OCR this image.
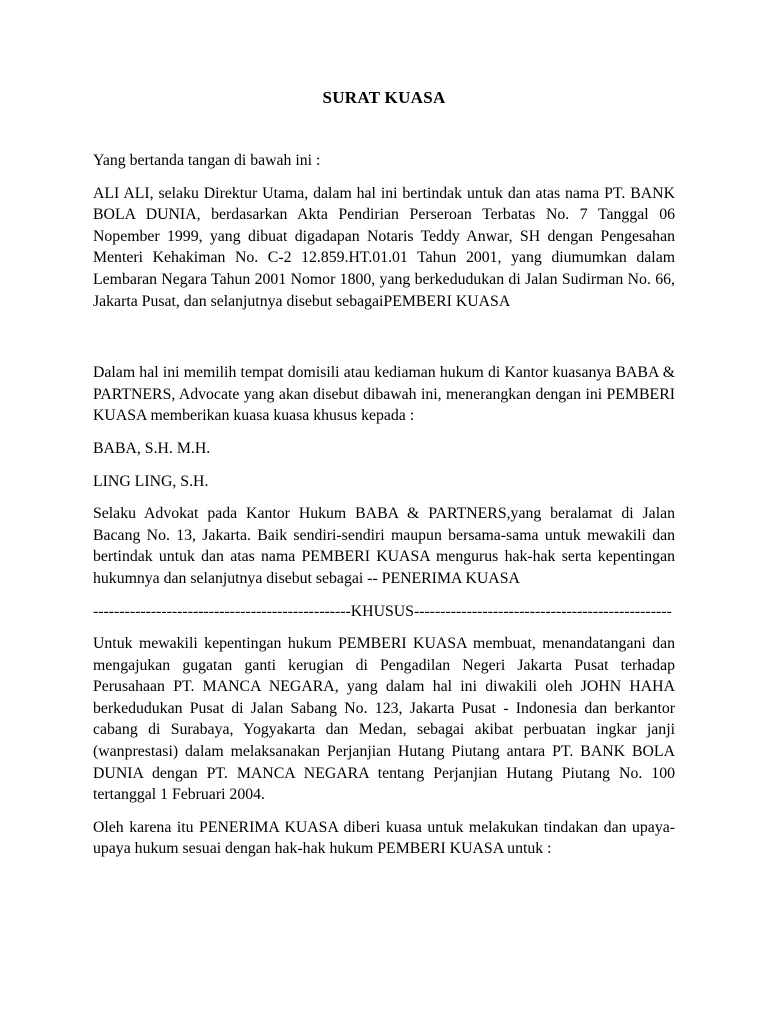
SURAT KUASA

Yang bertanda tangan di bawah ini :

ALI ALI, selaku Direktur Utama, dalam hal ini bertindak untuk dan atas nama PT. BANK BOLA DUNIA, berdasarkan Akta Pendirian Perseroan Terbatas No. 7 Tanggal 06 Nopember 1999, yang dibuat digadapan Notaris Teddy Anwar, SH dengan Pengesahan Menteri Kehakiman No. C-2 12.859.HT.01.01 Tahun 2001, yang diumumkan dalam Lembaran Negara Tahun 2001 Nomor 1800, yang berkedudukan di Jalan Sudirman No. 66, Jakarta Pusat, dan selanjutnya disebut sebagaiPEMBERI KUASA

Dalam hal ini memilih tempat domisili atau kediaman hukum di Kantor kuasanya BABA & PARTNERS, Advocate yang akan disebut dibawah ini, menerangkan dengan ini PEMBERI KUASA memberikan kuasa kuasa khusus kepada :

BABA, S.H. M.H.

LING LING, S.H.

Selaku Advokat pada Kantor Hukum BABA & PARTNERS,yang beralamat di Jalan Bacang No. 13, Jakarta. Baik sendiri-sendiri maupun bersama-sama untuk mewakili dan bertindak untuk dan atas nama PEMBERI KUASA mengurus hak-hak serta kepentingan hukumnya dan selanjutnya disebut sebagai -- PENERIMA KUASA

-------------------------------------------------KHUSUS-------------------------------------------------

Untuk mewakili kepentingan hukum PEMBERI KUASA membuat, menandatangani dan mengajukan gugatan ganti kerugian di Pengadilan Negeri Jakarta Pusat terhadap Perusahaan PT. MANCA NEGARA, yang dalam hal ini diwakili oleh JOHN HAHA berkedudukan Pusat di Jalan Sabang No. 123, Jakarta Pusat - Indonesia dan berkantor cabang di Surabaya, Yogyakarta dan Medan, sebagai akibat perbuatan ingkar janji (wanprestasi) dalam melaksanakan Perjanjian Hutang Piutang antara PT. BANK BOLA DUNIA dengan PT. MANCA NEGARA tentang Perjanjian Hutang Piutang No. 100 tertanggal 1 Februari 2004.

Oleh karena itu PENERIMA KUASA diberi kuasa untuk melakukan tindakan dan upaya-upaya hukum sesuai dengan hak-hak hukum PEMBERI KUASA untuk :
